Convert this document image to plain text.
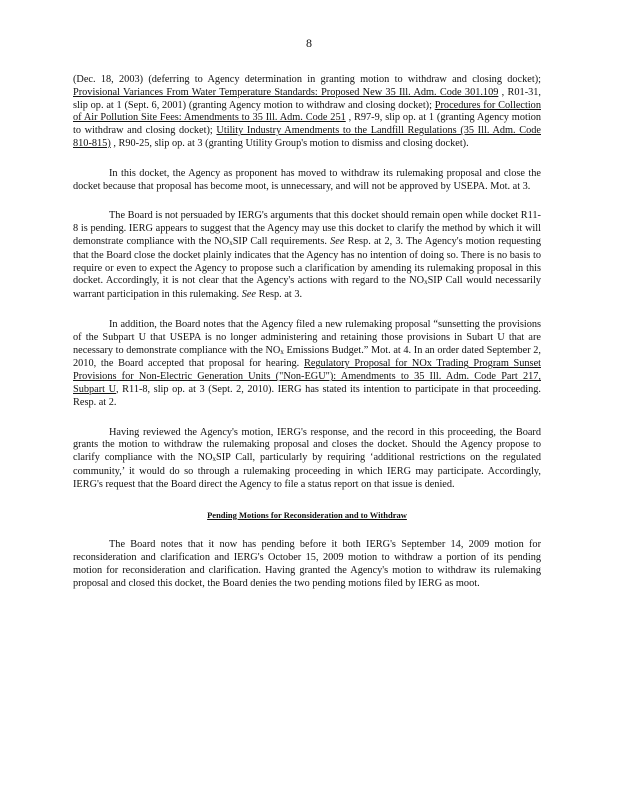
8

(Dec. 18, 2003) (deferring to Agency determination in granting motion to withdraw and closing docket); Provisional Variances From Water Temperature Standards: Proposed New 35 Ill. Adm. Code 301.109 , R01-31, slip op. at 1 (Sept. 6, 2001) (granting Agency motion to withdraw and closing docket); Procedures for Collection of Air Pollution Site Fees: Amendments to 35 Ill. Adm. Code 251 , R97-9, slip op. at 1 (granting Agency motion to withdraw and closing docket); Utility Industry Amendments to the Landfill Regulations (35 Ill. Adm. Code 810-815) , R90-25, slip op. at 3 (granting Utility Group's motion to dismiss and closing docket).

In this docket, the Agency as proponent has moved to withdraw its rulemaking proposal and close the docket because that proposal has become moot, is unnecessary, and will not be approved by USEPA. Mot. at 3.

The Board is not persuaded by IERG's arguments that this docket should remain open while docket R11-8 is pending. IERG appears to suggest that the Agency may use this docket to clarify the method by which it will demonstrate compliance with the NOxSIP Call requirements. See Resp. at 2, 3. The Agency's motion requesting that the Board close the docket plainly indicates that the Agency has no intention of doing so. There is no basis to require or even to expect the Agency to propose such a clarification by amending its rulemaking proposal in this docket. Accordingly, it is not clear that the Agency's actions with regard to the NOxSIP Call would necessarily warrant participation in this rulemaking. See Resp. at 3.

In addition, the Board notes that the Agency filed a new rulemaking proposal “sunsetting the provisions of the Subpart U that USEPA is no longer administering and retaining those provisions in Subart U that are necessary to demonstrate compliance with the NOx Emissions Budget.” Mot. at 4. In an order dated September 2, 2010, the Board accepted that proposal for hearing. Regulatory Proposal for NOx Trading Program Sunset Provisions for Non-Electric Generation Units ("Non-EGU"): Amendments to 35 Ill. Adm. Code Part 217, Subpart U, R11-8, slip op. at 3 (Sept. 2, 2010). IERG has stated its intention to participate in that proceeding. Resp. at 2.

Having reviewed the Agency's motion, IERG's response, and the record in this proceeding, the Board grants the motion to withdraw the rulemaking proposal and closes the docket. Should the Agency propose to clarify compliance with the NOxSIP Call, particularly by requiring ‘additional restrictions on the regulated community,’ it would do so through a rulemaking proceeding in which IERG may participate. Accordingly, IERG's request that the Board direct the Agency to file a status report on that issue is denied.

Pending Motions for Reconsideration and to Withdraw

The Board notes that it now has pending before it both IERG's September 14, 2009 motion for reconsideration and clarification and IERG's October 15, 2009 motion to withdraw a portion of its pending motion for reconsideration and clarification. Having granted the Agency's motion to withdraw its rulemaking proposal and closed this docket, the Board denies the two pending motions filed by IERG as moot.
